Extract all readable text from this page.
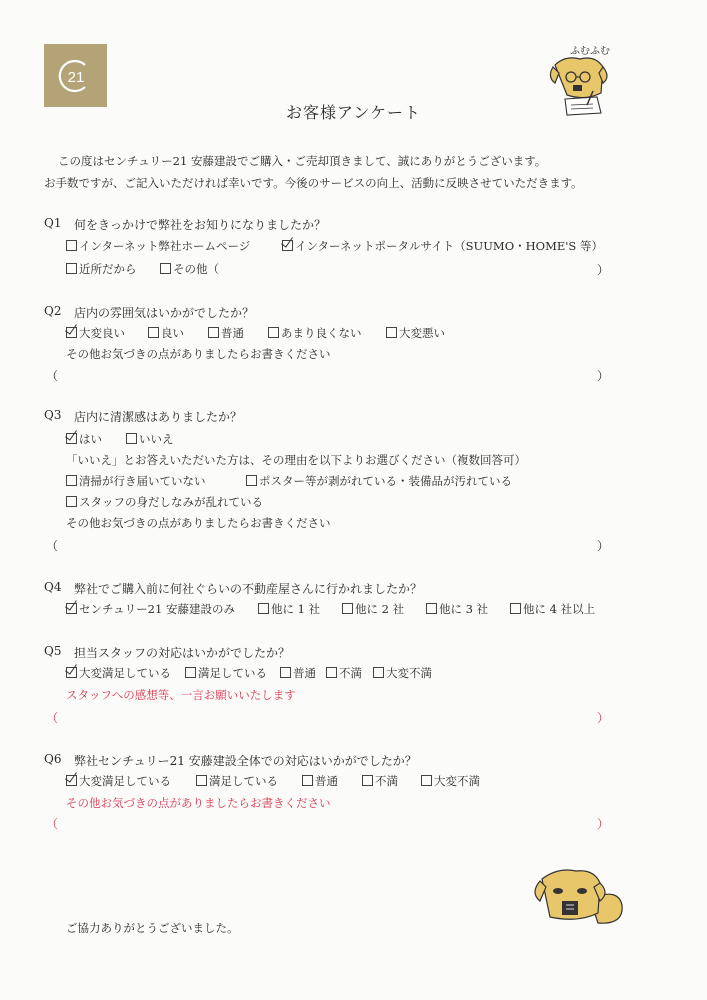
21
ふむふむ
お客様アンケート
この度はセンチュリー21 安藤建設でご購入・ご売却頂きまして、誠にありがとうございます。
お手数ですが、ご記入いただければ幸いです。今後のサービスの向上、活動に反映させていただきます。
Q1 何をきっかけで弊社をお知りになりましたか？
インターネット弊社ホームページ	インターネットポータルサイト（SUUMO・HOME'S 等）
近所だから	その他（	）
Q2 店内の雰囲気はいかがでしたか？
大変良い	良い	普通	あまり良くない	大変悪い
その他お気づきの点がありましたらお書きください
（	）
Q3 店内に清潔感はありましたか？
はい	いいえ
「いいえ」とお答えいただいた方は、その理由を以下よりお選びください（複数回答可）
清掃が行き届いていない	ポスター等が剥がれている・装備品が汚れている
スタッフの身だしなみが乱れている
その他お気づきの点がありましたらお書きください
（	）
Q4 弊社でご購入前に何社ぐらいの不動産屋さんに行かれましたか？
センチュリー21 安藤建設のみ	他に 1 社	他に 2 社	他に 3 社	他に 4 社以上
Q5 担当スタッフの対応はいかがでしたか？
大変満足している	満足している	普通	不満	大変不満
スタッフへの感想等、一言お願いいたします
（	）
Q6 弊社センチュリー21 安藤建設全体での対応はいかがでしたか？
大変満足している	満足している	普通	不満	大変不満
その他お気づきの点がありましたらお書きください
（	）
ご協力ありがとうございました。
